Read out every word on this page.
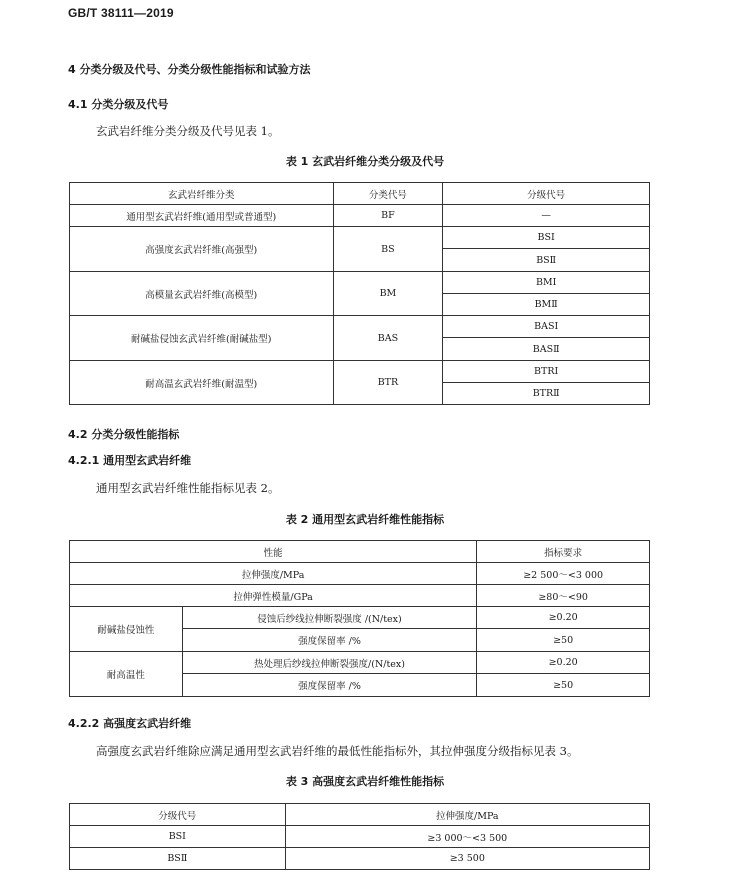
GB/T 38111—2019
4 分类分级及代号、分类分级性能指标和试验方法
4.1 分类分级及代号
玄武岩纤维分类分级及代号见表 1。
表 1 玄武岩纤维分类分级及代号
玄武岩纤维分类	分类代号	分级代号
通用型玄武岩纤维(通用型或普通型)	BF	—
高强度玄武岩纤维(高强型)	BS	BSⅠ
		BSⅡ
高模量玄武岩纤维(高模型)	BM	BMⅠ
		BMⅡ
耐碱盐侵蚀玄武岩纤维(耐碱盐型)	BAS	BASⅠ
		BASⅡ
耐高温玄武岩纤维(耐温型)	BTR	BTRⅠ
		BTRⅡ
4.2 分类分级性能指标
4.2.1 通用型玄武岩纤维
通用型玄武岩纤维性能指标见表 2。
表 2 通用型玄武岩纤维性能指标
性能		指标要求
拉伸强度/MPa		≥2 500～<3 000
拉伸弹性模量/GPa		≥80～<90
耐碱盐侵蚀性	侵蚀后纱线拉伸断裂强度 /(N/tex)	≥0.20
	强度保留率 /%	≥50
耐高温性	热处理后纱线拉伸断裂强度/(N/tex)	≥0.20
	强度保留率 /%	≥50
4.2.2 高强度玄武岩纤维
高强度玄武岩纤维除应满足通用型玄武岩纤维的最低性能指标外，其拉伸强度分级指标见表 3。
表 3 高强度玄武岩纤维性能指标
分级代号	拉伸强度/MPa
BSⅠ	≥3 000～<3 500
BSⅡ	≥3 500
